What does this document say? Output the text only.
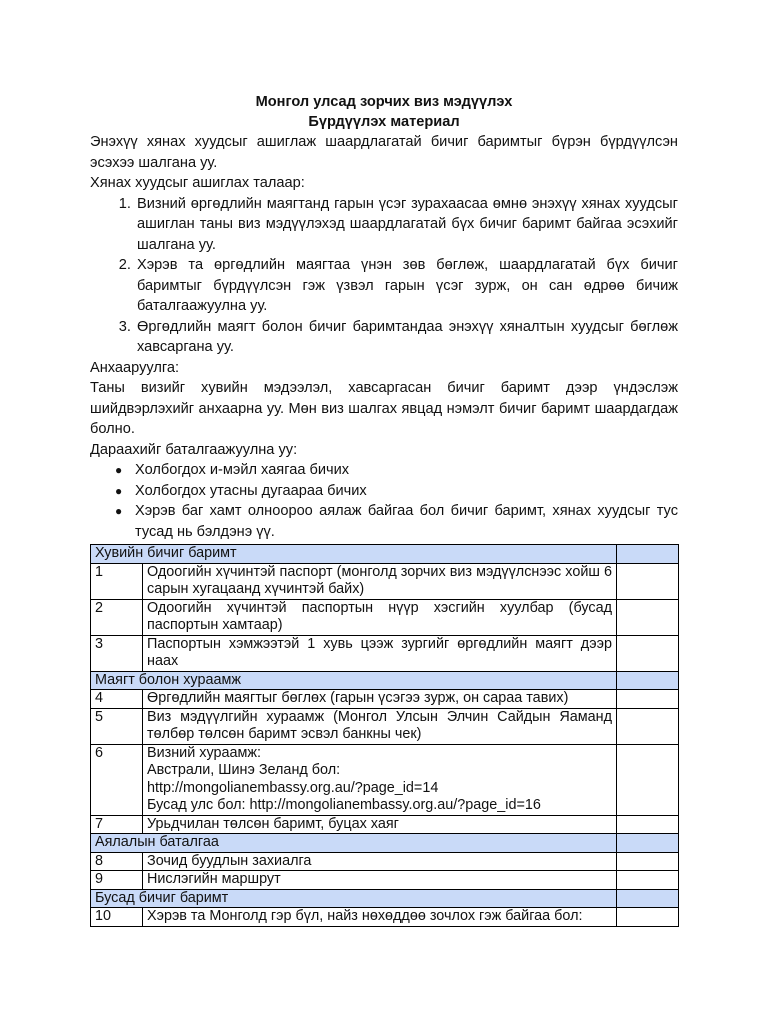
Монгол улсад зорчих виз мэдүүлэх
Бүрдүүлэх материал

Энэхүү хянах хуудсыг ашиглаж шаардлагатай бичиг баримтыг бүрэн бүрдүүлсэн эсэхээ шалгана уу.

Хянах хуудсыг ашиглах талаар:

1. Визний өргөдлийн маягтанд гарын үсэг зурахаасаа өмнө энэхүү хянах хуудсыг ашиглан таны виз мэдүүлэхэд шаардлагатай бүх бичиг баримт байгаа эсэхийг шалгана уу.
2. Хэрэв та өргөдлийн маягтаа үнэн зөв бөглөж, шаардлагатай бүх бичиг баримтыг бүрдүүлсэн гэж үзвэл гарын үсэг зурж, он сан өдрөө бичиж баталгаажуулна уу.
3. Өргөдлийн маягт болон бичиг баримтандаа энэхүү хяналтын хуудсыг бөглөж хавсаргана уу.

Анхааруулга:

Таны визийг хувийн мэдээлэл, хавсаргасан бичиг баримт дээр үндэслэж шийдвэрлэхийг анхаарна уу. Мөн виз шалгах явцад нэмэлт бичиг баримт шаардагдаж болно.

Дараахийг баталгаажуулна уу:

● Холбогдох и-мэйл хаягаа бичих
● Холбогдох утасны дугаараа бичих
● Хэрэв баг хамт олноороо аялаж байгаа бол бичиг баримт, хянах хуудсыг тус тусад нь бэлдэнэ үү.
Хувийн бичиг баримт		
1	Одоогийн хүчинтэй паспорт (монголд зорчих виз мэдүүлснээс хойш 6 сарын хугацаанд хүчинтэй байх)	
2	Одоогийн хүчинтэй паспортын нүүр хэсгийн хуулбар (бусад паспортын хамтаар)	
3	Паспортын хэмжээтэй 1 хувь цээж зургийг өргөдлийн маягт дээр наах	
Маягт болон хураамж		
4	Өргөдлийн маягтыг бөглөх (гарын үсэгээ зурж, он сараа тавих)	
5	Виз мэдүүлгийн хураамж (Монгол Улсын Элчин Сайдын Яаманд төлбөр төлсөн баримт эсвэл банкны чек)	
6	Визний хураамж:
Австрали, Шинэ Зеланд бол:
http://mongolianembassy.org.au/?page_id=14
Бусад улс бол: http://mongolianembassy.org.au/?page_id=16	

7	Урьдчилан төлсөн баримт, буцах хаяг	
Аялалын баталгаа		
8	Зочид буудлын захиалга	
9	Нислэгийн маршрут	
Бусад бичиг баримт		
10	Хэрэв та Монголд гэр бүл, найз нөхөддөө зочлох гэж байгаа бол:	
